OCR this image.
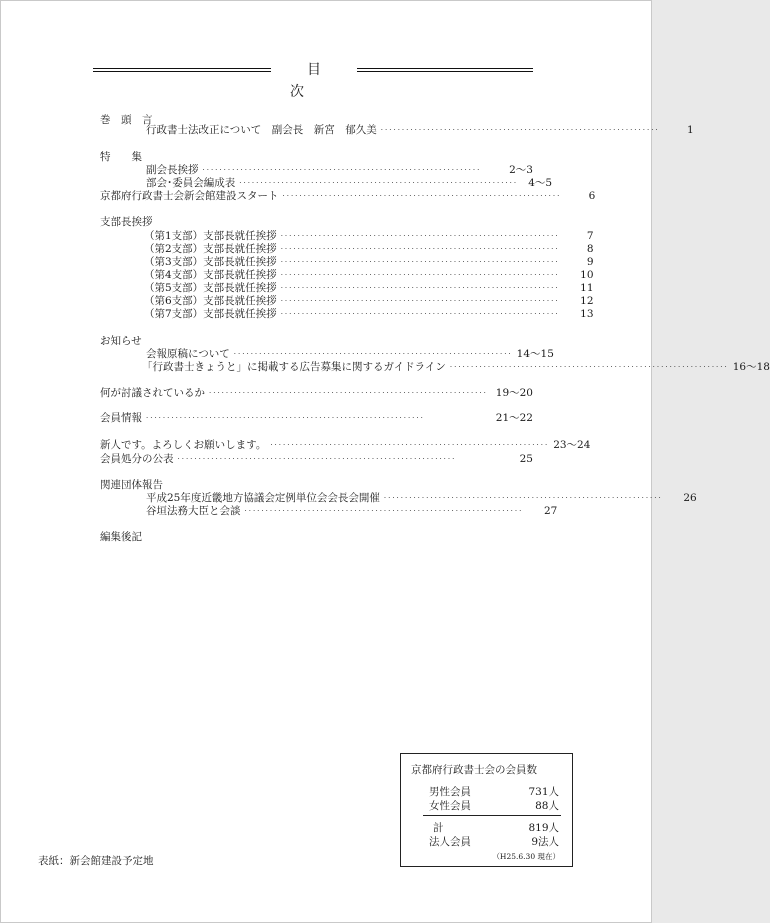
目　　次
巻　頭　言
行政書士法改正について　副会長　新宮　郁久美 ··································································	1
特　　集
副会長挨拶 ··································································	2～3
部会･委員会編成表 ·································································· 4～5
京都府行政書士会新会館建設スタート ··································································	6
支部長挨拶
（第1支部）支部長就任挨拶 ··································································	7
（第2支部）支部長就任挨拶 ··································································	8
（第3支部）支部長就任挨拶 ··································································	9
（第4支部）支部長就任挨拶 ··································································	10
（第5支部）支部長就任挨拶 ··································································	11
（第6支部）支部長就任挨拶 ··································································	12
（第7支部）支部長就任挨拶 ··································································	13
お知らせ
会報原稿について ·································································· 14～15
「行政書士きょうと」に掲載する広告募集に関するガイドライン ·································································· 16～18
何が討議されているか ·································································· 19～20
会員情報 ··································································	21～22
新人です。よろしくお願いします。 ·································································· 23～24
会員処分の公表 ··································································	25
関連団体報告
平成25年度近畿地方協議会定例単位会会長会開催 ··································································	26
谷垣法務大臣と会談 ··································································	27
編集後記
京都府行政書士会の会員数
男性会員	731人
女性会員	88人
計	819人
法人会員	9法人
（H25.6.30 現在）
表紙：新会館建設予定地
